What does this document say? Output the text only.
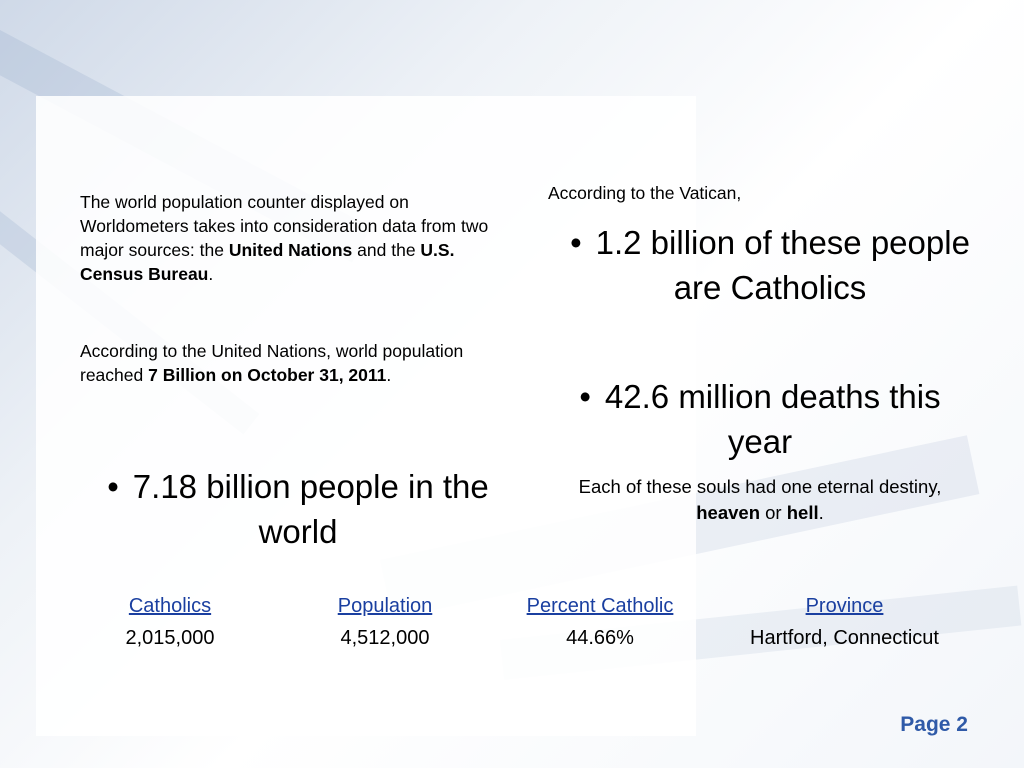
The world population counter displayed on Worldometers takes into consideration data from two major sources: the United Nations and the U.S. Census Bureau.
According to the United Nations, world population reached 7 Billion on October 31, 2011.
• 7.18 billion people in the world
According to the Vatican,
• 1.2 billion of these people are Catholics
• 42.6 million deaths this year
Each of these souls had one eternal destiny, heaven or hell.
Catholics
2,015,000
Population
4,512,000
Percent Catholic
44.66%
Province
Hartford, Connecticut
Page 2
